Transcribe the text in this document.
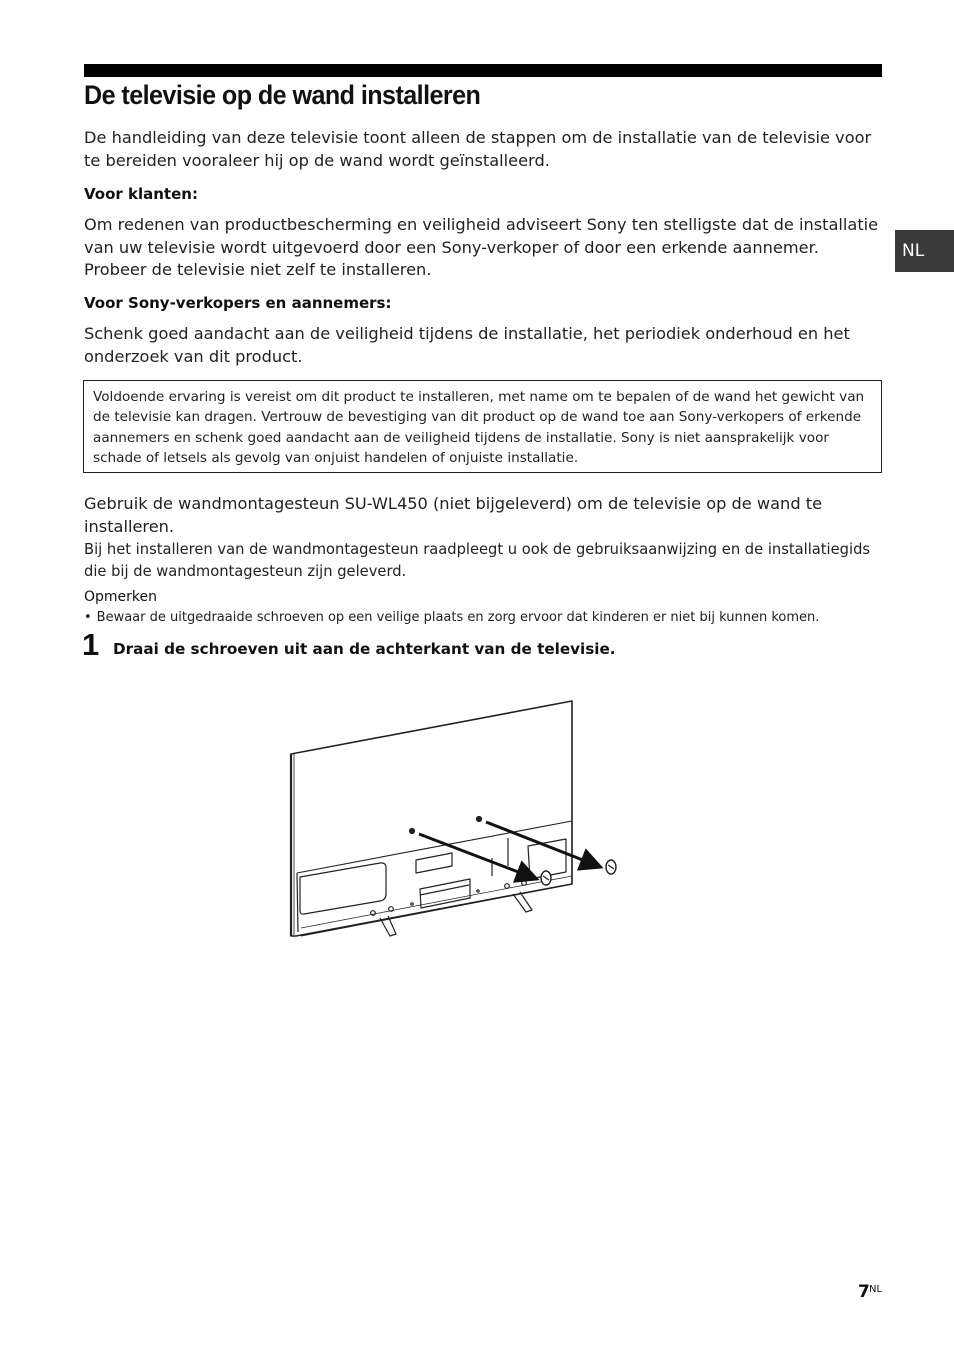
De televisie op de wand installeren

De handleiding van deze televisie toont alleen de stappen om de installatie van de televisie voor te bereiden vooraleer hij op de wand wordt geïnstalleerd.

Voor klanten:

Om redenen van productbescherming en veiligheid adviseert Sony ten stelligste dat de installatie van uw televisie wordt uitgevoerd door een Sony-verkoper of door een erkende aannemer. Probeer de televisie niet zelf te installeren.

Voor Sony-verkopers en aannemers:

Schenk goed aandacht aan de veiligheid tijdens de installatie, het periodiek onderhoud en het onderzoek van dit product.

Voldoende ervaring is vereist om dit product te installeren, met name om te bepalen of de wand het gewicht van de televisie kan dragen. Vertrouw de bevestiging van dit product op de wand toe aan Sony-verkopers of erkende aannemers en schenk goed aandacht aan de veiligheid tijdens de installatie. Sony is niet aansprakelijk voor schade of letsels als gevolg van onjuist handelen of onjuiste installatie.

Gebruik de wandmontagesteun SU-WL450 (niet bijgeleverd) om de televisie op de wand te installeren.

Bij het installeren van de wandmontagesteun raadpleegt u ook de gebruiksaanwijzing en de installatiegids die bij de wandmontagesteun zijn geleverd.

Opmerken
• Bewaar de uitgedraaide schroeven op een veilige plaats en zorg ervoor dat kinderen er niet bij kunnen komen.
1 Draai de schroeven uit aan de achterkant van de televisie.
NL
7 NL
